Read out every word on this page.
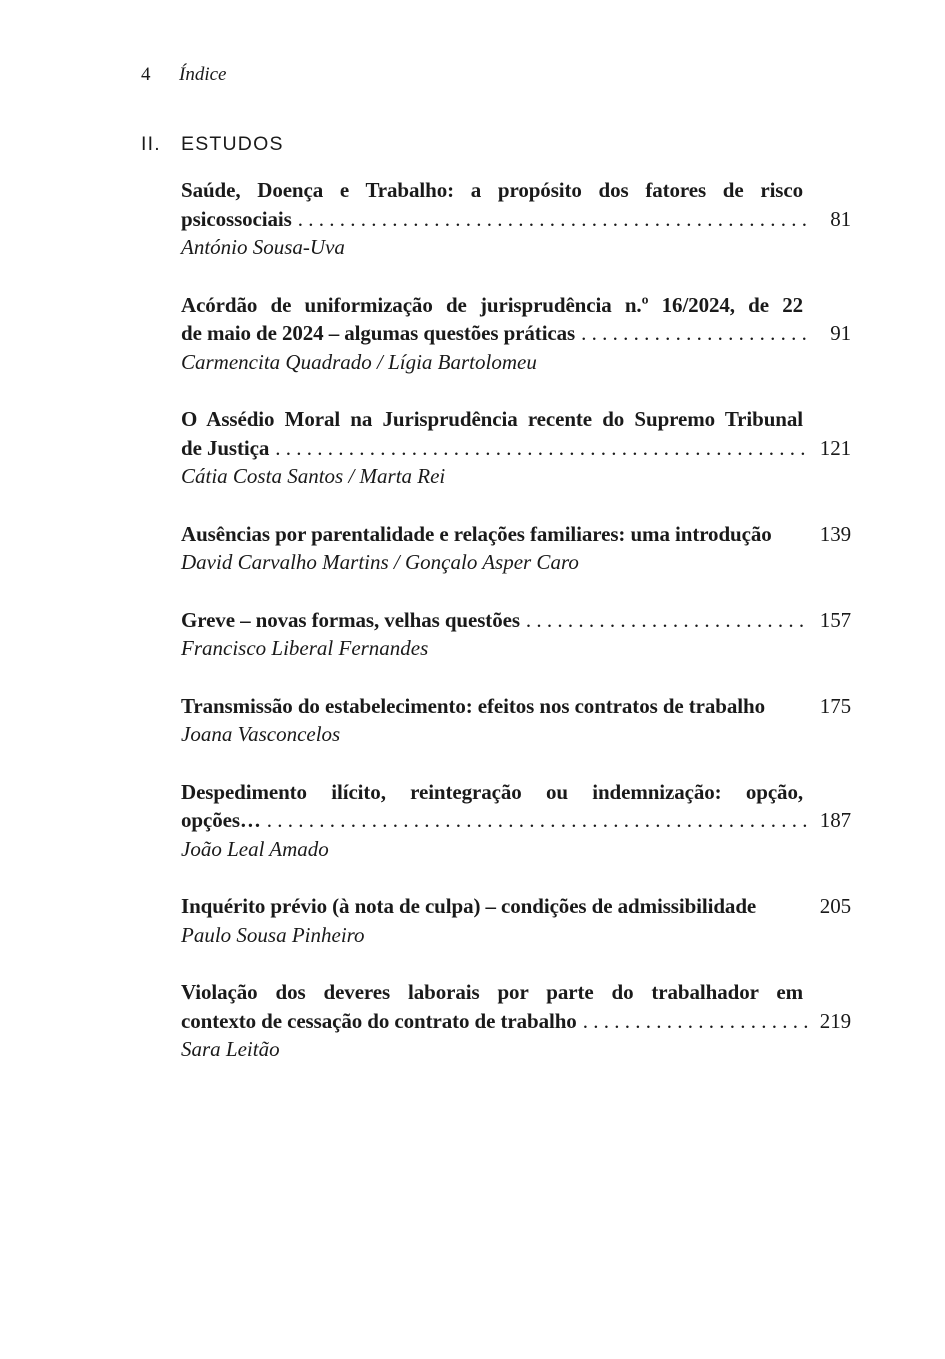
4	Índice
II.	ESTUDOS
Saúde, Doença e Trabalho: a propósito dos fatores de risco
psicossociais . . .	81
António Sousa-Uva
Acórdão de uniformização de jurisprudência n.º 16/2024, de 22
de maio de 2024 – algumas questões práticas . . .	91
Carmencita Quadrado / Lígia Bartolomeu
O Assédio Moral na Jurisprudência recente do Supremo Tribunal
de Justiça . . .	121
Cátia Costa Santos / Marta Rei
Ausências por parentalidade e relações familiares: uma introdução 139
David Carvalho Martins / Gonçalo Asper Caro
Greve – novas formas, velhas questões . . .	157
Francisco Liberal Fernandes
Transmissão do estabelecimento: efeitos nos contratos de trabalho	175
Joana Vasconcelos
Despedimento ilícito, reintegração ou indemnização: opção,
opções… . . .	187
João Leal Amado
Inquérito prévio (à nota de culpa) – condições de admissibilidade	205
Paulo Sousa Pinheiro
Violação dos deveres laborais por parte do trabalhador em
contexto de cessação do contrato de trabalho . . .	219
Sara Leitão
